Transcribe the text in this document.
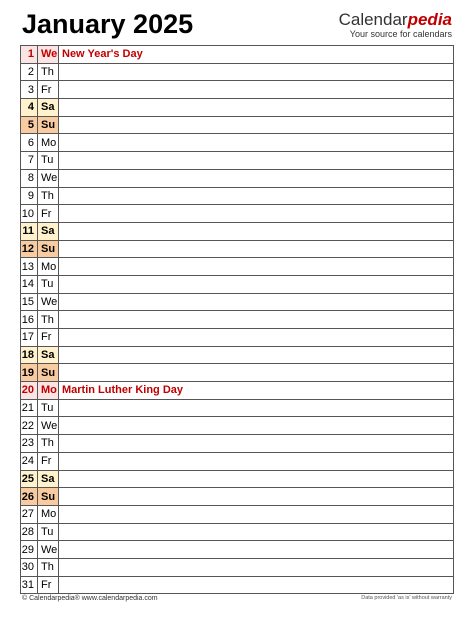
January 2025	Calendarpedia
Your source for calendars
1	We	New Year's Day
2	Th	
3	Fr	
4	Sa	
5	Su	
6	Mo	
7	Tu	
8	We	
9	Th	
10	Fr	
11	Sa	
12	Su	
13	Mo	
14	Tu	
15	We	
16	Th	
17	Fr	
18	Sa	
19	Su	
20	Mo	Martin Luther King Day
21	Tu	
22	We	
23	Th	
24	Fr	
25	Sa	
26	Su	
27	Mo	
28	Tu	
29	We	
30	Th	
31	Fr	
© Calendarpedia® www.calendarpedia.com	Data provided 'as is' without warranty
